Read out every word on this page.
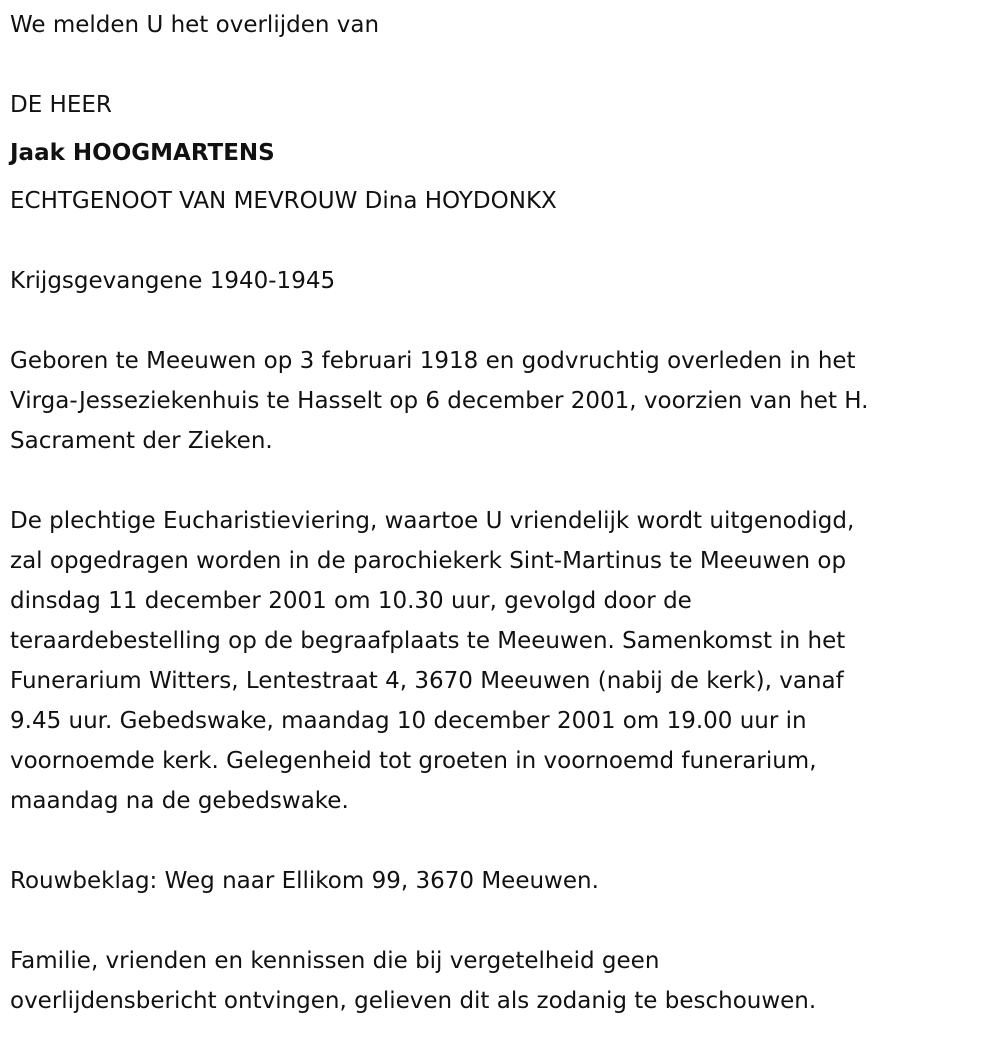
We melden U het overlijden van
DE HEER
Jaak HOOGMARTENS
ECHTGENOOT VAN MEVROUW Dina HOYDONKX
Krijgsgevangene 1940-1945
Geboren te Meeuwen op 3 februari 1918 en godvruchtig overleden in het
Virga-Jesseziekenhuis te Hasselt op 6 december 2001, voorzien van het H.
Sacrament der Zieken.
De plechtige Eucharistieviering, waartoe U vriendelijk wordt uitgenodigd,
zal opgedragen worden in de parochiekerk Sint-Martinus te Meeuwen op
dinsdag 11 december 2001 om 10.30 uur, gevolgd door de
teraardebestelling op de begraafplaats te Meeuwen. Samenkomst in het
Funerarium Witters, Lentestraat 4, 3670 Meeuwen (nabij de kerk), vanaf
9.45 uur. Gebedswake, maandag 10 december 2001 om 19.00 uur in
voornoemde kerk. Gelegenheid tot groeten in voornoemd funerarium,
maandag na de gebedswake.
Rouwbeklag: Weg naar Ellikom 99, 3670 Meeuwen.
Familie, vrienden en kennissen die bij vergetelheid geen
overlijdensbericht ontvingen, gelieven dit als zodanig te beschouwen.
